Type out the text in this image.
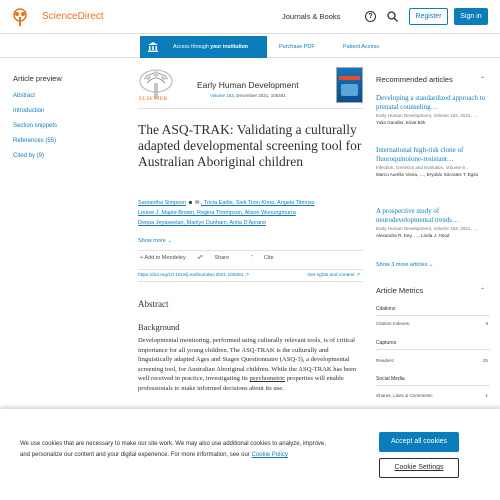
ScienceDirect	Journals & Books	?	Register	Sign in
Access through your institution	Purchase PDF	Patient Access
Article preview
Abstract
Introduction
Section snippets
References (55)
Cited by (9)
ELSEVIER
Early Human Development
Volume 163, December 2021, 105481
The ASQ-TRAK: Validating a culturally adapted developmental screening tool for Australian Aboriginal children
Samantha Simpson ☻ ✉ , Tricia Eadie, Siek Toon Khoo, Angela Titmuss
Louise J. Maple-Brown, Regina Thompson, Alison Wunungmurra
Deepa Jeyaseelan, Marilyn Dunham, Anita D'Aprano
Show more ⌄
+ Add to Mendeley ☍ Share	” Cite
https://doi.org/10.1016/j.earlhumdev.2021.105481 ↗	Get rights and content ↗
Abstract
Background

Developmental monitoring, performed using culturally relevant tools, is of critical importance for all young children. The ASQ-TRAK is the culturally and linguistically adapted Ages and Stages Questionnaire (ASQ-3), a developmental screening tool, for Australian Aboriginal children. While the ASQ-TRAK has been well received in practice, investigating its psychometric properties will enable professionals to make informed decisions about its use.

Recommended articles	⌃
Developing a standardized approach to prenatal counseling…
Early Human Development, Volume 163, 2021, …
Yulia Gandler, Einat Birk
International high-risk clone of fluoroquinolone-resistant…
Infection, Genetics and Evolution, Volume 9…
Marco Aurélio Vieira, …, Eryoldo Sócrates T. Egito
A prospective study of neurodevelopmental trends…
Early Human Development, Volume 163, 2021, …
Alexandra R. Key, …, Linda J. Hood
Show 3 more articles ⌄
Article Metrics	⌃
Citations
Citation Indexes:	9
Captures
Readers:	25
Social Media
Shares, Likes & Comments:	1

We use cookies that are necessary to make our site work. We may also use additional cookies to analyze, improve, and personalize our content and your digital experience. For more information, see our Cookie Policy

Accept all cookies
Cookie Settings
